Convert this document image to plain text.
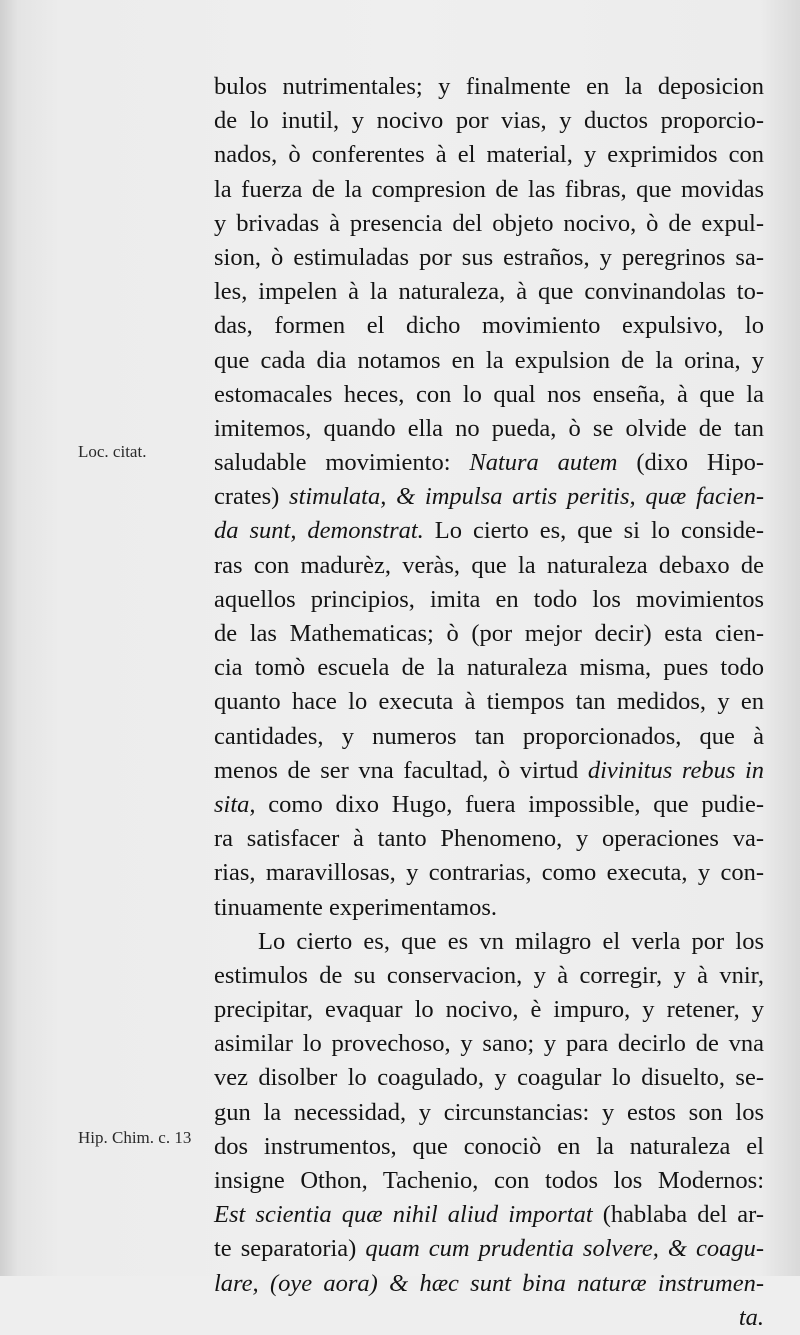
Loc. citat.
Hip. Chim. c. 13
bulos nutrimentales; y finalmente en la deposicion
de lo inutil, y nocivo por vias, y ductos proporcio-
nados, ò conferentes à el material, y exprimidos con
la fuerza de la compresion de las fibras, que movidas
y brivadas à presencia del objeto nocivo, ò de expul-
sion, ò estimuladas por sus estraños, y peregrinos sa-
les, impelen à la naturaleza, à que convinandolas to-
das, formen el dicho movimiento expulsivo, lo
que cada dia notamos en la expulsion de la orina, y
estomacales heces, con lo qual nos enseña, à que la
imitemos, quando ella no pueda, ò se olvide de tan
saludable movimiento: Natura autem (dixo Hipo-
crates) stimulata, & impulsa artis peritis, quæ facien-
da sunt, demonstrat. Lo cierto es, que si lo conside-
ras con madurèz, veràs, que la naturaleza debaxo de
aquellos principios, imita en todo los movimientos
de las Mathematicas; ò (por mejor decir) esta cien-
cia tomò escuela de la naturaleza misma, pues todo
quanto hace lo executa à tiempos tan medidos, y en
cantidades, y numeros tan proporcionados, que à
menos de ser vna facultad, ò virtud divinitus rebus in
sita, como dixo Hugo, fuera impossible, que pudie-
ra satisfacer à tanto Phenomeno, y operaciones va-
rias, maravillosas, y contrarias, como executa, y con-
tinuamente experimentamos.
Lo cierto es, que es vn milagro el verla por los
estimulos de su conservacion, y à corregir, y à vnir,
precipitar, evaquar lo nocivo, è impuro, y retener, y
asimilar lo provechoso, y sano; y para decirlo de vna
vez disolber lo coagulado, y coagular lo disuelto, se-
gun la necessidad, y circunstancias: y estos son los
dos instrumentos, que conociò en la naturaleza el
insigne Othon, Tachenio, con todos los Modernos:
Est scientia quæ nihil aliud importat (hablaba del ar-
te separatoria) quam cum prudentia solvere, & coagu-
lare, (oye aora) & hæc sunt bina naturæ instrumen-
ta.
